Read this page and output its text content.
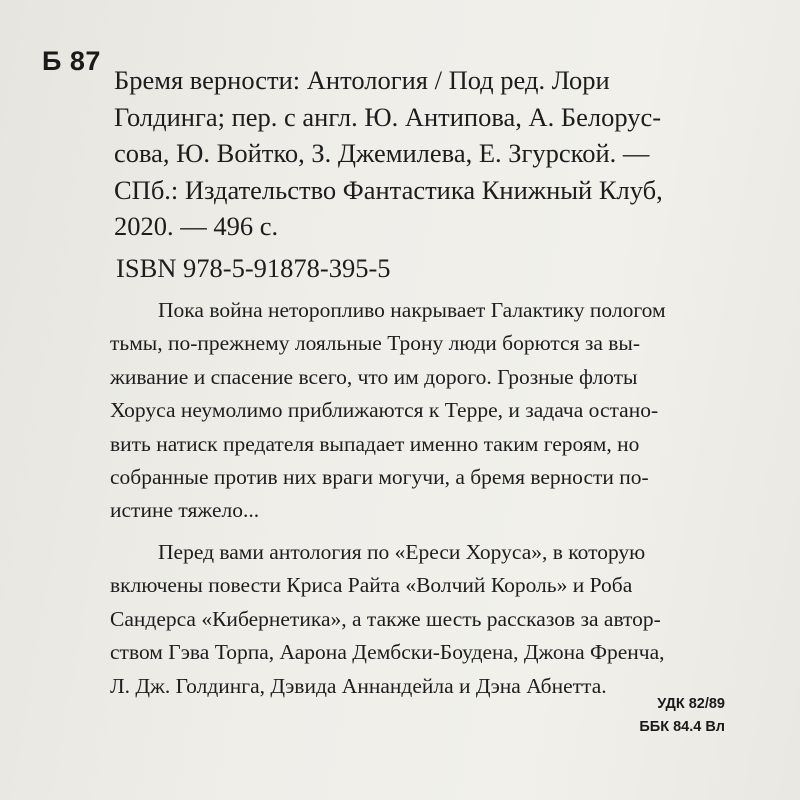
Б 87
Бремя верности: Антология / Под ред. Лори
Голдинга; пер. с англ. Ю. Антипова, А. Белорус-
сова, Ю. Войтко, З. Джемилева, Е. Згурской. —
СПб.: Издательство Фантастика Книжный Клуб,
2020. — 496 с.
ISBN 978-5-91878-395-5
Пока война неторопливо накрывает Галактику пологом
тьмы, по-прежнему лояльные Трону люди борются за вы-
живание и спасение всего, что им дорого. Грозные флоты
Хоруса неумолимо приближаются к Терре, и задача остано-
вить натиск предателя выпадает именно таким героям, но
собранные против них враги могучи, а бремя верности по-
истине тяжело...
Перед вами антология по «Ереси Хоруса», в которую
включены повести Криса Райта «Волчий Король» и Роба
Сандерса «Кибернетика», а также шесть рассказов за автор-
ством Гэва Торпа, Аарона Дембски-Боудена, Джона Френча,
Л. Дж. Голдинга, Дэвида Аннандейла и Дэна Абнетта.
УДК 82/89
ББК 84.4 Вл
